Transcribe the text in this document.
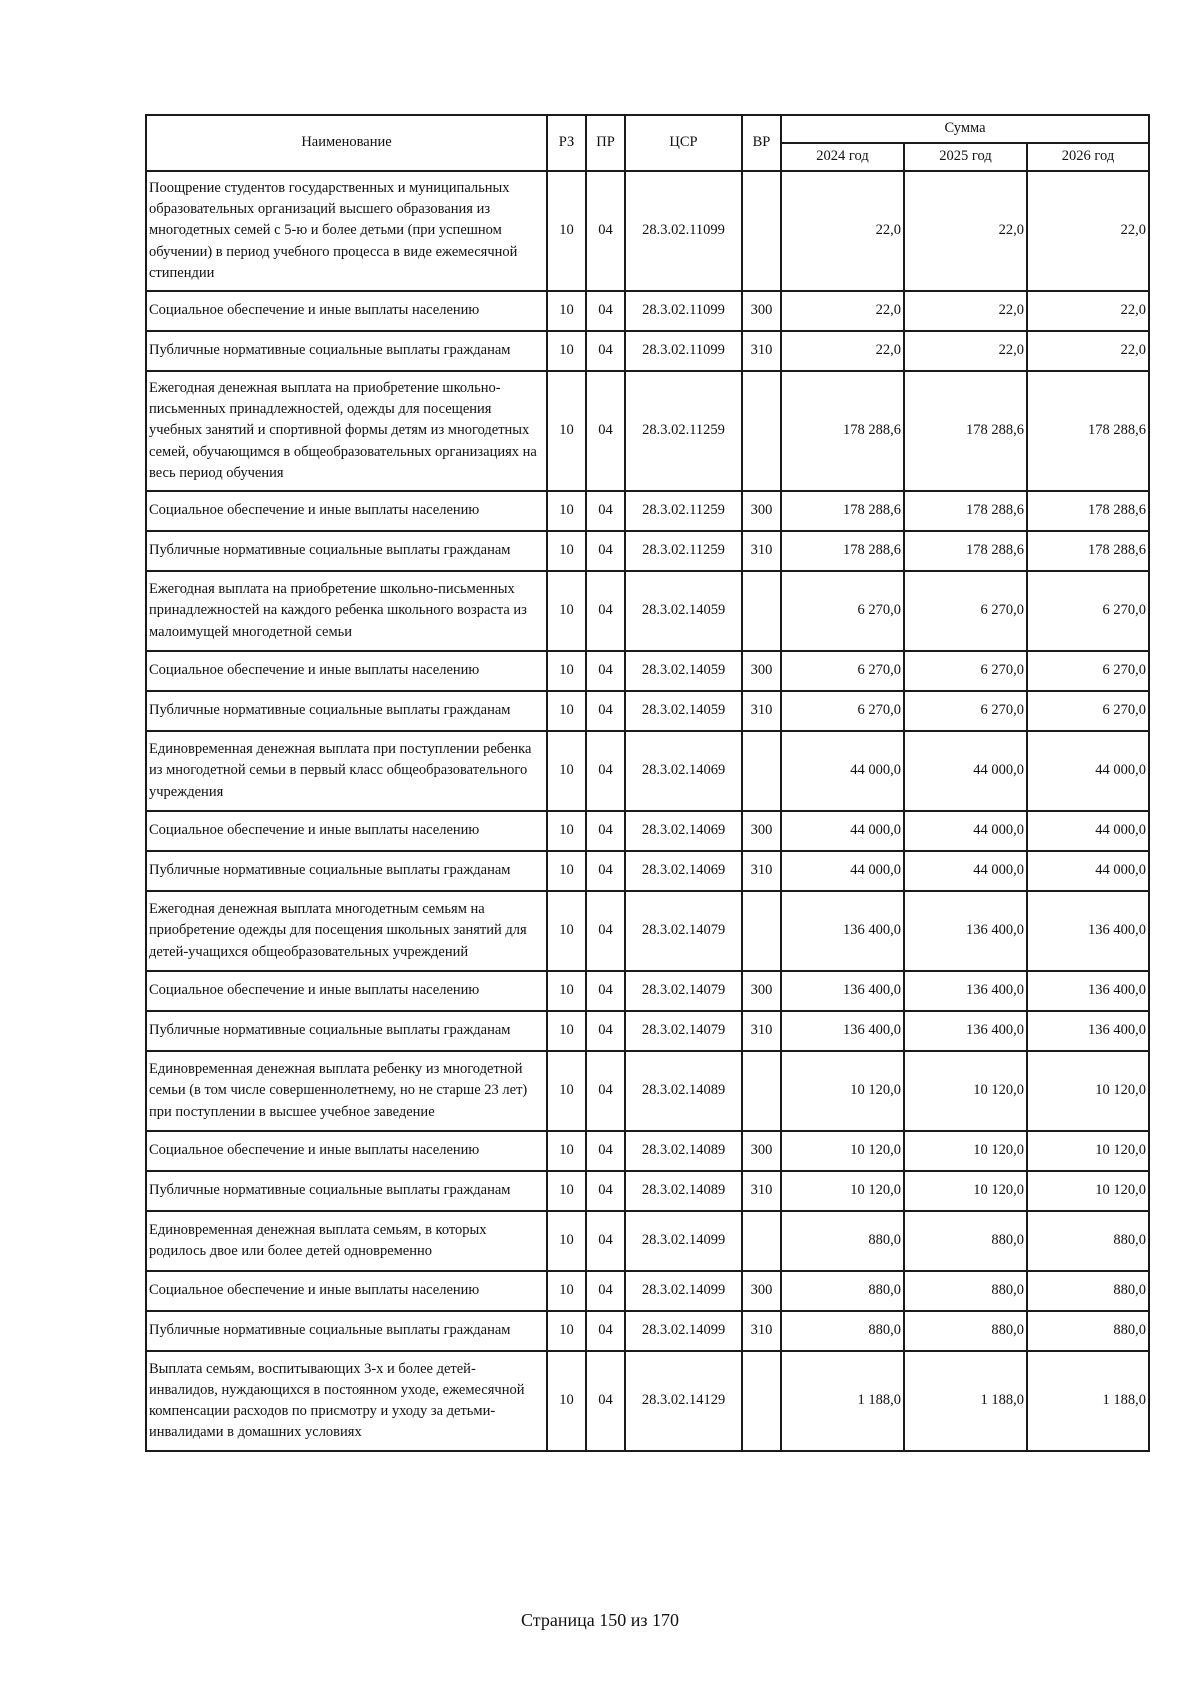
Наименование	РЗ	ПР	ЦСР	ВР	Сумма		
					2024 год	2025 год	2026 год
Поощрение студентов государственных и муниципальных образовательных организаций высшего образования из многодетных семей с 5-ю и более детьми (при успешном обучении) в период учебного процесса в виде ежемесячной стипендии	10	04	28.3.02.11099		22,0	22,0	22,0
Социальное обеспечение и иные выплаты населению	10	04	28.3.02.11099	300	22,0	22,0	22,0
Публичные нормативные социальные выплаты гражданам	10	04	28.3.02.11099	310	22,0	22,0	22,0
Ежегодная денежная выплата на приобретение школьно-письменных принадлежностей, одежды для посещения учебных занятий и спортивной формы детям из многодетных семей, обучающимся в общеобразовательных организациях на весь период обучения	10	04	28.3.02.11259		178 288,6	178 288,6	178 288,6
Социальное обеспечение и иные выплаты населению	10	04	28.3.02.11259	300	178 288,6	178 288,6	178 288,6
Публичные нормативные социальные выплаты гражданам	10	04	28.3.02.11259	310	178 288,6	178 288,6	178 288,6
Ежегодная выплата на приобретение школьно-письменных принадлежностей на каждого ребенка школьного возраста из малоимущей многодетной семьи	10	04	28.3.02.14059		6 270,0	6 270,0	6 270,0
Социальное обеспечение и иные выплаты населению	10	04	28.3.02.14059	300	6 270,0	6 270,0	6 270,0
Публичные нормативные социальные выплаты гражданам	10	04	28.3.02.14059	310	6 270,0	6 270,0	6 270,0
Единовременная денежная выплата при поступлении ребенка из многодетной семьи в первый класс общеобразовательного учреждения	10	04	28.3.02.14069		44 000,0	44 000,0	44 000,0
Социальное обеспечение и иные выплаты населению	10	04	28.3.02.14069	300	44 000,0	44 000,0	44 000,0
Публичные нормативные социальные выплаты гражданам	10	04	28.3.02.14069	310	44 000,0	44 000,0	44 000,0
Ежегодная денежная выплата многодетным семьям на приобретение одежды для посещения школьных занятий для детей-учащихся общеобразовательных учреждений	10	04	28.3.02.14079		136 400,0	136 400,0	136 400,0
Социальное обеспечение и иные выплаты населению	10	04	28.3.02.14079	300	136 400,0	136 400,0	136 400,0
Публичные нормативные социальные выплаты гражданам	10	04	28.3.02.14079	310	136 400,0	136 400,0	136 400,0
Единовременная денежная выплата ребенку из многодетной семьи (в том числе совершеннолетнему, но не старше 23 лет) при поступлении в высшее учебное заведение	10	04	28.3.02.14089		10 120,0	10 120,0	10 120,0
Социальное обеспечение и иные выплаты населению	10	04	28.3.02.14089	300	10 120,0	10 120,0	10 120,0
Публичные нормативные социальные выплаты гражданам	10	04	28.3.02.14089	310	10 120,0	10 120,0	10 120,0
Единовременная денежная выплата семьям, в которых родилось двое или более детей одновременно	10	04	28.3.02.14099		880,0	880,0	880,0
Социальное обеспечение и иные выплаты населению	10	04	28.3.02.14099	300	880,0	880,0	880,0
Публичные нормативные социальные выплаты гражданам	10	04	28.3.02.14099	310	880,0	880,0	880,0
Выплата семьям, воспитывающих 3-х и более детей-инвалидов, нуждающихся в постоянном уходе, ежемесячной компенсации расходов по присмотру и уходу за детьми-инвалидами в домашних условиях	10	04	28.3.02.14129		1 188,0	1 188,0	1 188,0
Страница 150 из 170
